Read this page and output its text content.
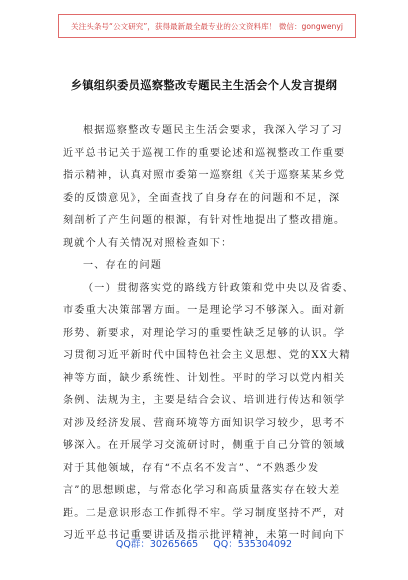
关注头条号“公文研究”，获得最新最全最专业的公文资料库！ 微信：gongwenyj
乡镇组织委员巡察整改专题民主生活会个人发言提纲
根据巡察整改专题民主生活会要求，我深入学习了习
近平总书记关于巡视工作的重要论述和巡视整改工作重要
指示精神，认真对照市委第一巡察组《关于巡察某某乡党
委的反馈意见》，全面查找了自身存在的问题和不足，深
刻剖析了产生问题的根源，有针对性地提出了整改措施。
现就个人有关情况对照检查如下：
一、存在的问题
（一）贯彻落实党的路线方针政策和党中央以及省委、
市委重大决策部署方面。一是理论学习不够深入。面对新
形势、新要求，对理论学习的重要性缺乏足够的认识。学
习贯彻习近平新时代中国特色社会主义思想、党的XX大精
神等方面，缺少系统性、计划性。平时的学习以党内相关
条例、法规为主，主要是结合会议、培训进行传达和领学
对涉及经济发展、营商环境等方面知识学习较少，思考不
够深入。在开展学习交流研讨时，侧重于自己分管的领域
对于其他领域，存有“不点名不发言”、“不熟悉少发
言”的思想顾虑，与常态化学习和高质量落实存在较大差
距。二是意识形态工作抓得不牢。学习制度坚持不严，对
习近平总书记重要讲话及指示批评精神，未第一时间向下
QQ群：30265665 QQ：535304092
